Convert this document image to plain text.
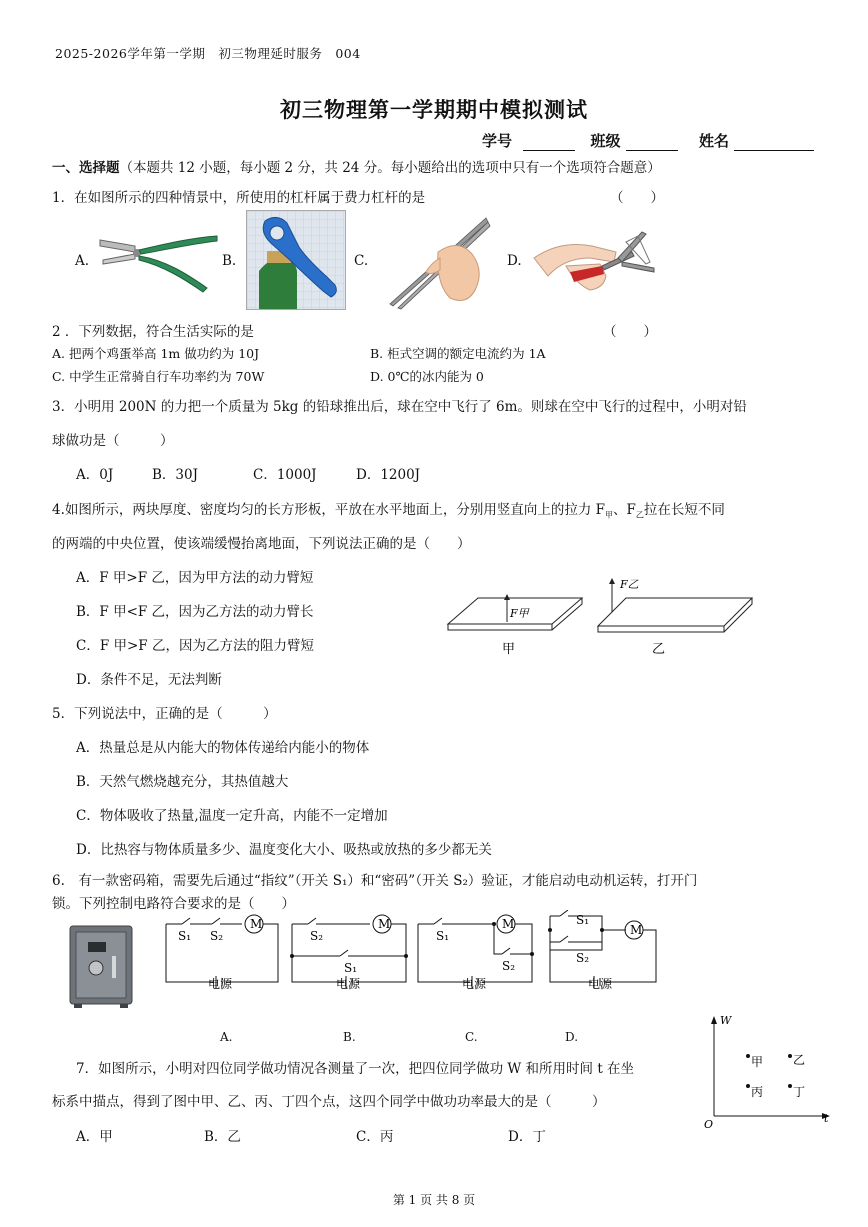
2025-2026学年第一学期　初三物理延时服务　004
初三物理第一学期期中模拟测试
学号	班级	姓名
一、选择题（本题共 12 小题，每小题 2 分，共 24 分。每小题给出的选项中只有一个选项符合题意）
1．在如图所示的四种情景中，所使用的杠杆属于费力杠杆的是	（　　）
A.	B.	C.	D.
2 ．下列数据，符合生活实际的是	（　　）
A. 把两个鸡蛋举高 1m 做功约为 10J	B. 柜式空调的额定电流约为 1A
C. 中学生正常骑自行车功率约为 70W	D. 0℃的冰内能为 0
3．小明用 200N 的力把一个质量为 5kg 的铅球推出后，球在空中飞行了 6m。则球在空中飞行的过程中，小明对铅
球做功是（　　　）
A．0J	B．30J	C．1000J	D．1200J
4.如图所示，两块厚度、密度均匀的长方形板，平放在水平地面上，分别用竖直向上的拉力 $F_甲$、$F_乙$拉在长短不同
的两端的中央位置，使该端缓慢抬离地面，下列说法正确的是（　　）
A．F 甲>F 乙，因为甲方法的动力臂短
B．F 甲<F 乙，因为乙方法的动力臂长
C．F 甲>F 乙，因为乙方法的阻力臂短
D．条件不足，无法判断
F甲
甲
F乙
乙
5．下列说法中，正确的是（　　　）
A．热量总是从内能大的物体传递给内能小的物体
B．天然气燃烧越充分，其热值越大
C．物体吸收了热量,温度一定升高，内能不一定增加
D．比热容与物体质量多少、温度变化大小、吸热或放热的多少都无关
6.　有一款密码箱，需要先后通过“指纹”（开关 S₁）和“密码”（开关 S₂）验证，才能启动电动机运转，打开门
锁。下列控制电路符合要求的是（　　）
M	M	M	M
S₁ S₂	S₂
S₁
S₁
S₂
S₁
S₂
电源	电源	电源	电源
A.	B.	C.	D.
7．如图所示，小明对四位同学做功情况各测量了一次，把四位同学做功 W 和所用时间 t 在坐
标系中描点，得到了图中甲、乙、丙、丁四个点，这四个同学中做功功率最大的是（　　　）
A．甲	B．乙	C．丙	D．丁
W
t
O
甲 乙
丙 丁
第 1 页 共 8 页
